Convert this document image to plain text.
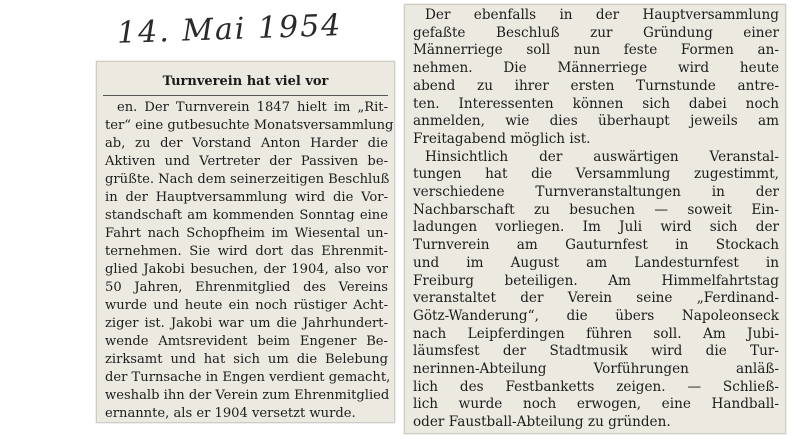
14. Mai 1954
Turnverein hat viel vor
en. Der Turnverein 1847 hielt im „Rit-
ter“ eine gutbesuchte Monatsversammlung
ab, zu der Vorstand Anton Harder die
Aktiven und Vertreter der Passiven be-
grüßte. Nach dem seinerzeitigen Beschluß
in der Hauptversammlung wird die Vor-
standschaft am kommenden Sonntag eine
Fahrt nach Schopfheim im Wiesental un-
ternehmen. Sie wird dort das Ehrenmit-
glied Jakobi besuchen, der 1904, also vor
50 Jahren, Ehrenmitglied des Vereins
wurde und heute ein noch rüstiger Acht-
ziger ist. Jakobi war um die Jahrhundert-
wende Amtsrevident beim Engener Be-
zirksamt und hat sich um die Belebung
der Turnsache in Engen verdient gemacht,
weshalb ihn der Verein zum Ehrenmitglied
ernannte, als er 1904 versetzt wurde.
Der ebenfalls in der Hauptversammlung
gefaßte Beschluß zur Gründung einer
Männerriege soll nun feste Formen an-
nehmen. Die Männerriege wird heute
abend zu ihrer ersten Turnstunde antre-
ten. Interessenten können sich dabei noch
anmelden, wie dies überhaupt jeweils am
Freitagabend möglich ist.
Hinsichtlich der auswärtigen Veranstal-
tungen hat die Versammlung zugestimmt,
verschiedene Turnveranstaltungen in der
Nachbarschaft zu besuchen — soweit Ein-
ladungen vorliegen. Im Juli wird sich der
Turnverein am Gauturnfest in Stockach
und im August am Landesturnfest in
Freiburg beteiligen. Am Himmelfahrtstag
veranstaltet der Verein seine „Ferdinand-
Götz-Wanderung“, die übers Napoleonseck
nach Leipferdingen führen soll. Am Jubi-
läumsfest der Stadtmusik wird die Tur-
nerinnen-Abteilung Vorführungen anläß-
lich des Festbanketts zeigen. — Schließ-
lich wurde noch erwogen, eine Handball-
oder Faustball-Abteilung zu gründen.
